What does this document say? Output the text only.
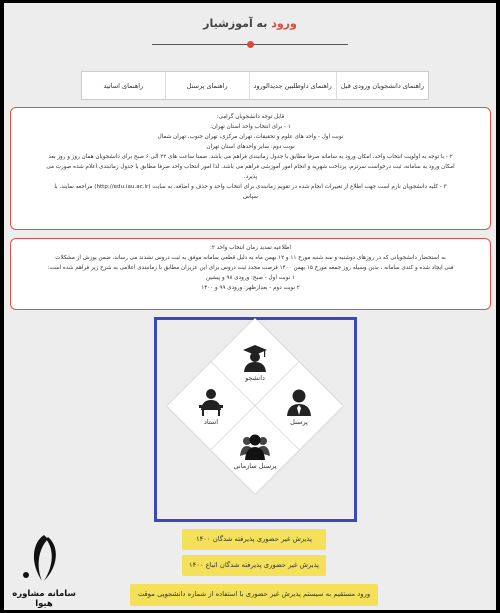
ورود به آموزشیار
راهنمای دانشجویان ورودی قبل
راهنمای داوطلبین جدیدالورود
راهنمای پرسنل
راهنمای اساتید

قابل توجه دانشجویان گرامی:

۱ - برای انتخاب واحد استان تهران:

نوبت اول - واحد های علوم و تحقیقات، تهران مرکزی، تهران جنوب، تهران شمال

نوبت دوم: سایر واحدهای استان تهران

۲ - با توجه به اولویت انتخاب واحد، امکان ورود به سامانه صرفا مطابق با جدول زمانبندی فراهم می باشد. ضمنا ساعت های ۲۲ الی ۶ صبح برای دانشجویان همان روز و روز بعد

امکان ورود به سامانه، ثبت درخواست سرترم، پرداخت شهریه و انجام امور آموزشی فراهم می باشد. لذا امور انتخاب واحد صرفا مطابق با جدول زمانبندی اعلام شده صورت می

پذیرد.

۳ - کلیه دانشجویان نازم است جهت اطلاع از تغییرات انجام شده در تقویم زمانبندی برای انتخاب واحد و حذف و اضافه، به سایت (http://edu.iau.ac.ir) مراجعه نمایند. با

سپاس

اطلاعیه تمدید زمان انتخاب واحد ۲:

به استحضار دانشجویانی که در روزهای دوشنبه و سه شنبه مورخ ۱۱ و ۱۲ بهمن ماه به دلیل قطعی سامانه موفق به ثبت دروس نشدند می رساند، ضمن پوزش از مشکلات

فنی ایجاد شده و کندی سامانه ، بدین وسیله روز جمعه مورخ ۱۵ بهمن ۱۴۰۰ فرصت مجدد ثبت دروس برای این عزیزان مطابق با زمانبندی اعلامی به شرح زیر فراهم شده است:

۱ نوبت اول - صبح: ورودی ۹۸ و پیشین

۲ نوبت دوم - بعدازظهر: ورودی ۹۹ و ۱۴۰۰

دانشجو
استاد	پرسنل
پرسنل سازمانی
پذیرش غیر حضوری پذیرفته شدگان ۱۴۰۰
پذیرش غیر حضوری پذیرفته شدگان اتباع ۱۴۰۰
ورود مستقیم به سیستم پذیرش غیر حضوری با استفاده از شماره دانشجویی موقت
سامانه مشاوره هیوا
